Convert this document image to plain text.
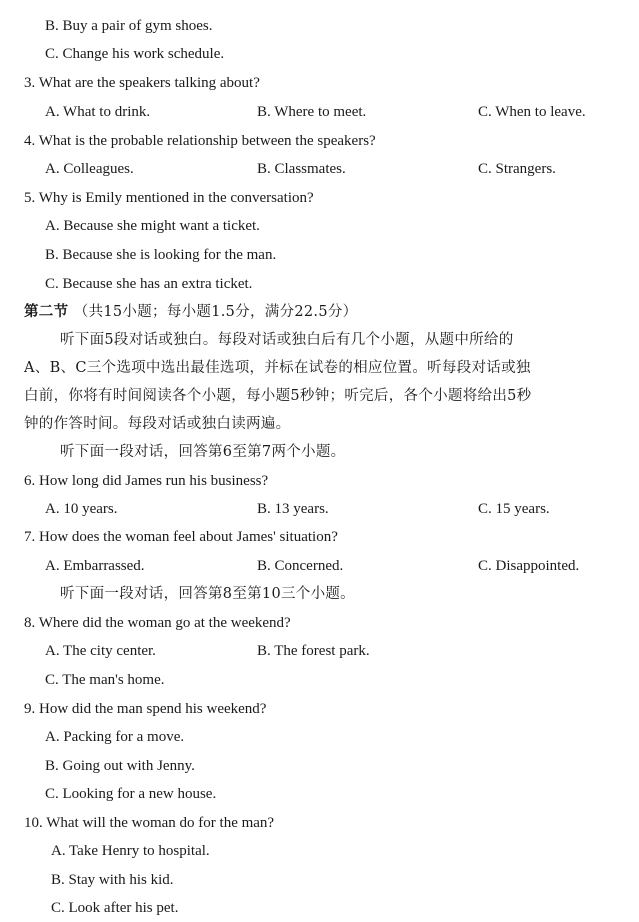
B. Buy a pair of gym shoes.
C. Change his work schedule.
3. What are the speakers talking about?
A. What to drink.	B. Where to meet.	C. When to leave.
4. What is the probable relationship between the speakers?
A. Colleagues.	B. Classmates.	C. Strangers.
5. Why is Emily mentioned in the conversation?
A. Because she might want a ticket.
B. Because she is looking for the man.
C. Because she has an extra ticket.
第二节 （共15小题；每小题1.5分，满分22.5分）
听下面5段对话或独白。每段对话或独白后有几个小题，从题中所给的
A、B、C三个选项中选出最佳选项，并标在试卷的相应位置。听每段对话或独
白前，你将有时间阅读各个小题，每小题5秒钟；听完后，各个小题将给出5秒
钟的作答时间。每段对话或独白读两遍。
听下面一段对话，回答第6至第7两个小题。
6. How long did James run his business?
A. 10 years.	B. 13 years.	C. 15 years.
7. How does the woman feel about James' situation?
A. Embarrassed.	B. Concerned.	C. Disappointed.
听下面一段对话，回答第8至第10三个小题。
8. Where did the woman go at the weekend?
A. The city center.	B. The forest park.
C. The man's home.
9. How did the man spend his weekend?
A. Packing for a move.
B. Going out with Jenny.
C. Looking for a new house.
10. What will the woman do for the man?
A. Take Henry to hospital.
B. Stay with his kid.
C. Look after his pet.
